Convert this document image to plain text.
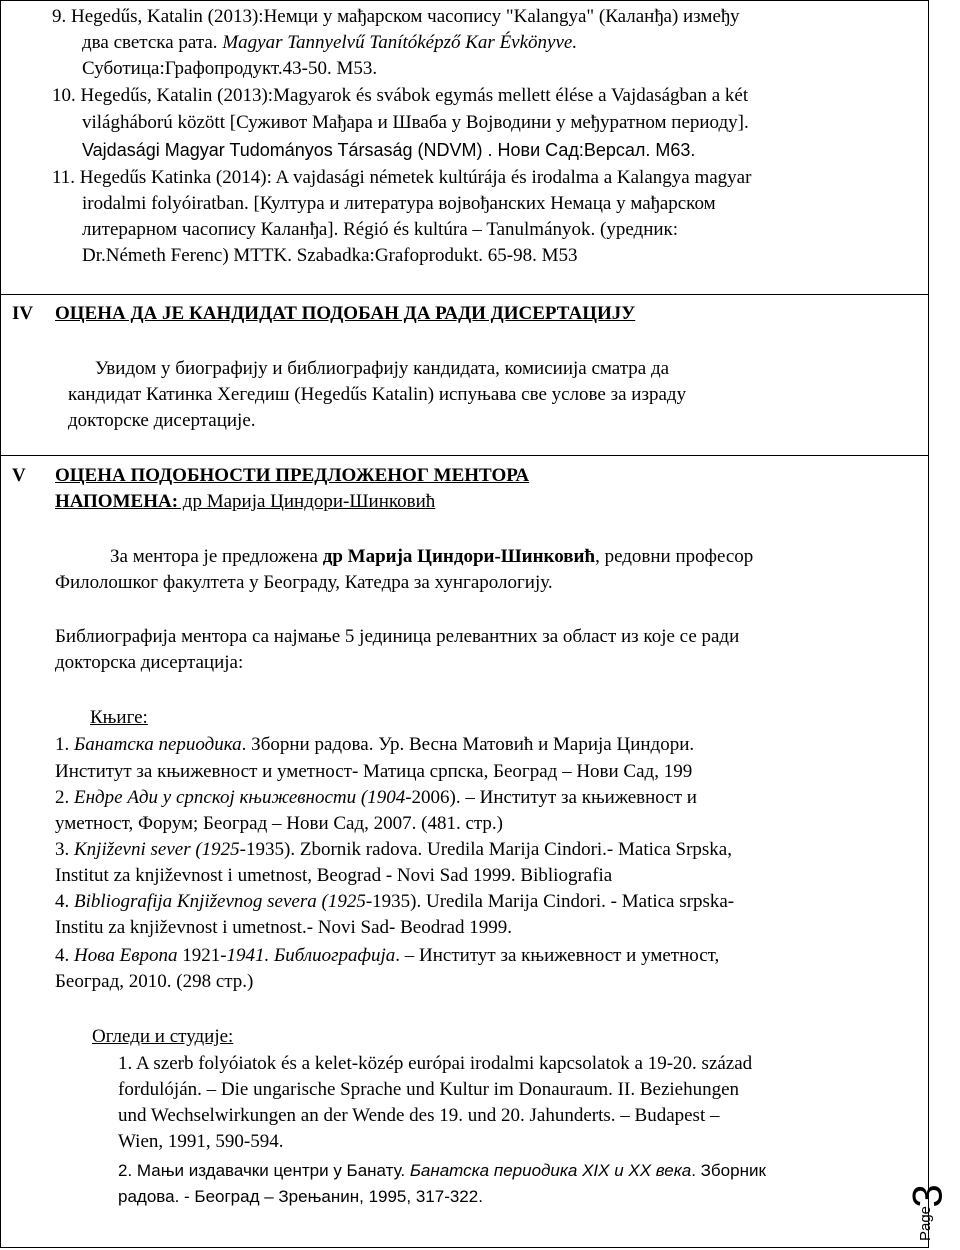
9. Hegedűs, Katalin (2013):Немци у мађарском часопису "Kalangya" (Каланђа) између
два светска рата. Magyar Tannyelvű Tanítóképző Kar Évkönyve.
Суботица:Графопродукт.43-50. М53.
10. Hegedűs, Katalin (2013):Magyarok és svábok egymás mellett élése a Vajdaságban a két
világháború között [Суживот Мађара и Шваба у Војводини у међуратном периоду].
Vajdasági Magyar Tudományos Társaság (NDVM) . Нови Сад:Версал. М63.
11. Hegedűs Katinka (2014): A vajdasági németek kultúrája és irodalma a Kalangya magyar
irodalmi folyóiratban. [Култура и литература војвођанских Немаца у мађарском
литерарном часопису Каланђа]. Régió és kultúra – Tanulmányok. (уредник:
Dr.Németh Ferenc) MTTK. Szabadka:Grafoprodukt. 65-98. M53
IV ОЦЕНА ДА ЈЕ КАНДИДАТ ПОДОБАН ДА РАДИ ДИСЕРТАЦИЈУ
Увидом у биографију и библиографију кандидата, комисиија сматра да
кандидат Катинка Хегедиш (Hegedűs Katalin) испуњава све услове за израду
докторске дисертације.
V ОЦЕНА ПОДОБНОСТИ ПРЕДЛОЖЕНОГ МЕНТОРА
НАПОМЕНА: др Марија Циндори-Шинковић
За ментора је предложена др Марија Циндори-Шинковић, редовни професор
Филолошког факултета у Београду, Катедра за хунгарологију.
Библиографија ментора са најмање 5 јединица релевантних за област из које се ради
докторска дисертација:
Књиге:
1. Банатска периодика. Зборни радова. Ур. Весна Матовић и Марија Циндори.
Институт за књижевност и уметност- Матица српска, Београд – Нови Сад, 199
2. Ендре Ади у српској књижевности (1904-2006). – Институт за књижевност и
уметност, Форум; Београд – Нови Сад, 2007. (481. стр.)
3. Književni sever (1925-1935). Zbornik radova. Uredila Marija Cindori.- Matica Srpska,
Institut za književnost i umetnost, Beograd - Novi Sad 1999. Bibliografia
4. Bibliografija Književnog severa (1925-1935). Uredila Marija Cindori. - Matica srpska-
Institu za književnost i umetnost.- Novi Sad- Beodrad 1999.
4. Нова Европа 1921-1941. Библиографија. – Институт за књижевност и уметност,
Београд, 2010. (298 стр.)
Огледи и студије:
1. A szerb folyóiatok és a kelet-közép európai irodalmi kapcsolatok a 19-20. század
fordulóján. – Die ungarische Sprache und Kultur im Donauraum. II. Beziehungen
und Wechselwirkungen an der Wende des 19. und 20. Jahunderts. – Budapest –
Wien, 1991, 590-594.
2. Мањи издавачки центри у Банату. Банатска периодика XIX и XX века. Зборник
радова. - Београд – Зрењанин, 1995, 317-322.	3
Page
